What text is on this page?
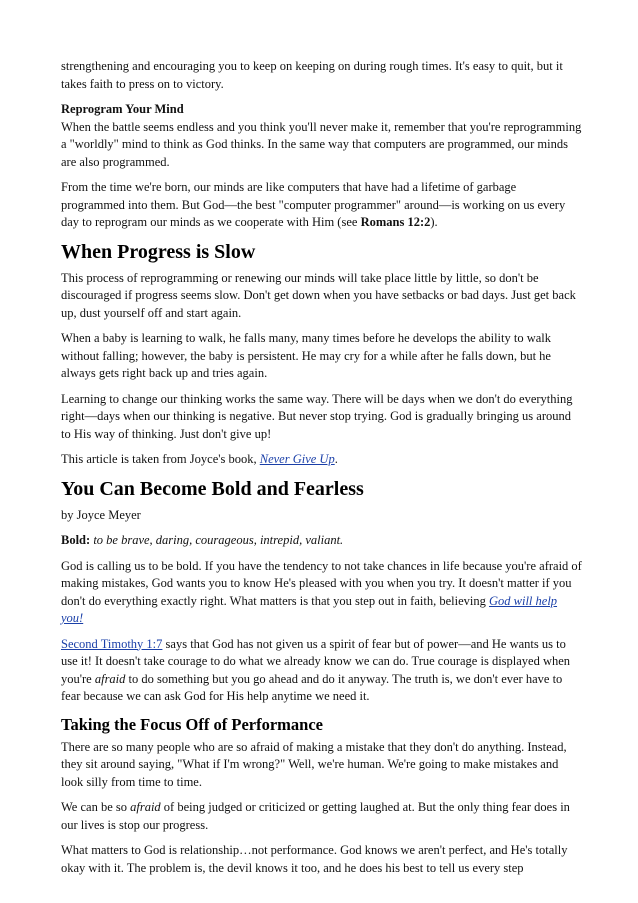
strengthening and encouraging you to keep on keeping on during rough times. It's easy to quit, but it takes faith to press on to victory.

Reprogram Your Mind
When the battle seems endless and you think you'll never make it, remember that you're reprogramming a "worldly" mind to think as God thinks. In the same way that computers are programmed, our minds are also programmed.

From the time we're born, our minds are like computers that have had a lifetime of garbage programmed into them. But God—the best "computer programmer" around—is working on us every day to reprogram our minds as we cooperate with Him (see Romans 12:2).

When Progress is Slow

This process of reprogramming or renewing our minds will take place little by little, so don't be discouraged if progress seems slow. Don't get down when you have setbacks or bad days. Just get back up, dust yourself off and start again.

When a baby is learning to walk, he falls many, many times before he develops the ability to walk without falling; however, the baby is persistent. He may cry for a while after he falls down, but he always gets right back up and tries again.

Learning to change our thinking works the same way. There will be days when we don't do everything right—days when our thinking is negative. But never stop trying. God is gradually bringing us around to His way of thinking. Just don't give up!

This article is taken from Joyce's book, Never Give Up.

You Can Become Bold and Fearless

by Joyce Meyer

Bold: to be brave, daring, courageous, intrepid, valiant.

God is calling us to be bold. If you have the tendency to not take chances in life because you're afraid of making mistakes, God wants you to know He's pleased with you when you try. It doesn't matter if you don't do everything exactly right. What matters is that you step out in faith, believing God will help you!

Second Timothy 1:7 says that God has not given us a spirit of fear but of power—and He wants us to use it! It doesn't take courage to do what we already know we can do. True courage is displayed when you're afraid to do something but you go ahead and do it anyway. The truth is, we don't ever have to fear because we can ask God for His help anytime we need it.

Taking the Focus Off of Performance

There are so many people who are so afraid of making a mistake that they don't do anything. Instead, they sit around saying, "What if I'm wrong?" Well, we're human. We're going to make mistakes and look silly from time to time.

We can be so afraid of being judged or criticized or getting laughed at. But the only thing fear does in our lives is stop our progress.

What matters to God is relationship…not performance. God knows we aren't perfect, and He's totally okay with it. The problem is, the devil knows it too, and he does his best to tell us every step
